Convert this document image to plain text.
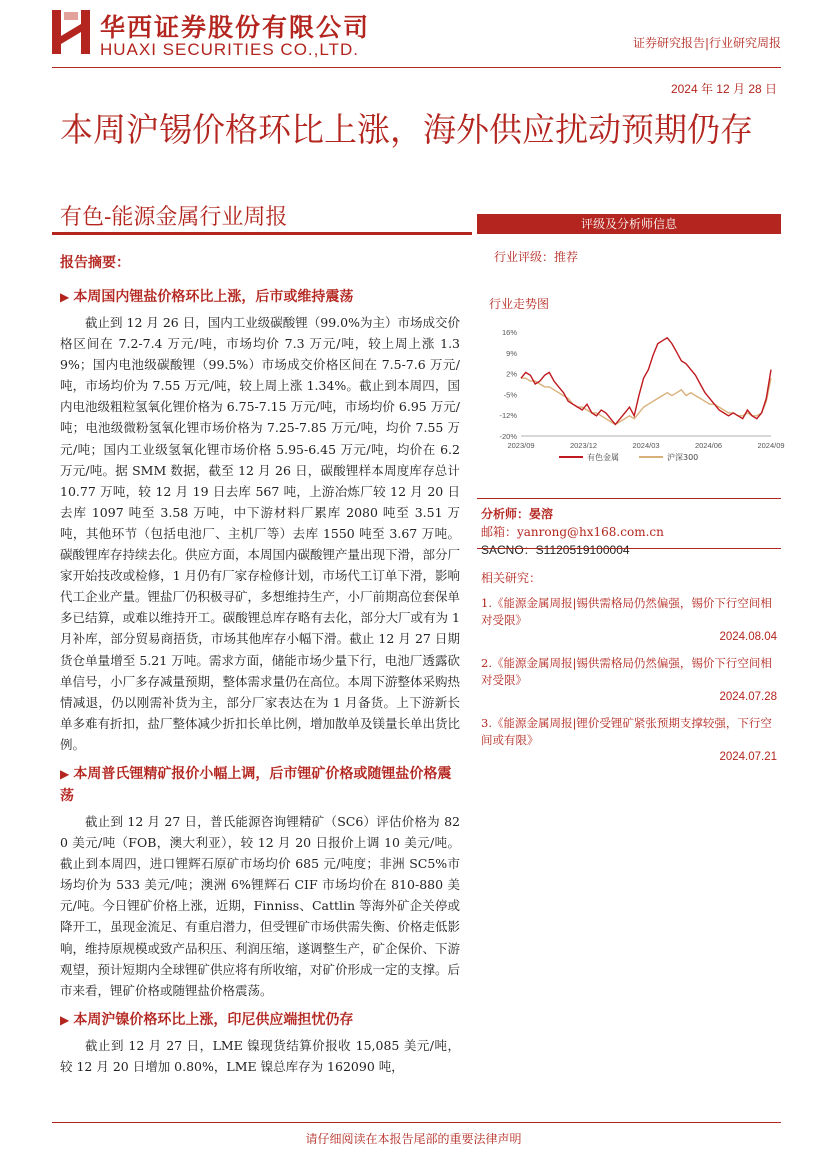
华西证券股份有限公司
HUAXI SECURITIES CO.,LTD.	证券研究报告|行业研究周报
2024 年 12 月 28 日
本周沪锡价格环比上涨，海外供应扰动预期仍存
有色-能源金属行业周报
报告摘要：
▶ 本周国内锂盐价格环比上涨，后市或维持震荡
截止到 12 月 26 日，国内工业级碳酸锂（99.0%为主）市场成交价格区间在 7.2-7.4 万元/吨，市场均价 7.3 万元/吨，较上周上涨 1.39%；国内电池级碳酸锂（99.5%）市场成交价格区间在 7.5-7.6 万元/吨，市场均价为 7.55 万元/吨，较上周上涨 1.34%。截止到本周四，国内电池级粗粒氢氧化锂价格为 6.75-7.15 万元/吨，市场均价 6.95 万元/吨；电池级微粉氢氧化锂市场价格为 7.25-7.85 万元/吨，均价 7.55 万元/吨；国内工业级氢氧化锂市场价格 5.95-6.45 万元/吨，均价在 6.2 万元/吨。据 SMM 数据，截至 12 月 26 日，碳酸锂样本周度库存总计 10.77 万吨，较 12 月 19 日去库 567 吨，上游冶炼厂较 12 月 20 日去库 1097 吨至 3.58 万吨，中下游材料厂累库 2080 吨至 3.51 万吨，其他环节（包括电池厂、主机厂等）去库 1550 吨至 3.67 万吨。碳酸锂库存持续去化。供应方面，本周国内碳酸锂产量出现下滑，部分厂家开始技改或检修，1 月仍有厂家存检修计划，市场代工订单下滑，影响代工企业产量。锂盐厂仍积极寻矿，多想维持生产，小厂前期高位套保单多已结算，或难以维持开工。碳酸锂总库存略有去化，部分大厂或有为 1 月补库，部分贸易商捂货，市场其他库存小幅下滑。截止 12 月 27 日期货仓单量增至 5.21 万吨。需求方面，储能市场少量下行，电池厂透露砍单信号，小厂多存减量预期，整体需求量仍在高位。本周下游整体采购热情减退，仍以刚需补货为主，部分厂家表达在为 1 月备货。上下游新长单多难有折扣，盐厂整体减少折扣长单比例，增加散单及镁量长单出货比例。
▶ 本周普氏锂精矿报价小幅上调，后市锂矿价格或随锂盐价格震荡
截止到 12 月 27 日，普氏能源咨询锂精矿（SC6）评估价格为 820 美元/吨（FOB，澳大利亚），较 12 月 20 日报价上调 10 美元/吨。截止到本周四，进口锂辉石原矿市场均价 685 元/吨度；非洲 SC5%市场均价为 533 美元/吨；澳洲 6%锂辉石 CIF 市场均价在 810-880 美元/吨。今日锂矿价格上涨，近期，Finniss、Cattlin 等海外矿企关停或降开工，虽现金流足、有重启潜力，但受锂矿市场供需失衡、价格走低影响，维持原规模或致产品积压、利润压缩，遂调整生产，矿企保价、下游观望，预计短期内全球锂矿供应将有所收缩，对矿价形成一定的支撑。后市来看，锂矿价格或随锂盐价格震荡。
▶ 本周沪镍价格环比上涨，印尼供应端担忧仍存
截止到 12 月 27 日，LME 镍现货结算价报收 15,085 美元/吨，较 12 月 20 日增加 0.80%，LME 镍总库存为 162090 吨，
评级及分析师信息
行业评级：推荐
行业走势图
16%
9%
2%
-5%
-12%
-20%
2023/09	2023/12	2024/03	2024/06	2024/09
有色金属	沪深300
分析师：晏溶
邮箱：yanrong@hx168.com.cn
SACNO：S1120519100004
相关研究：
1.《能源金属周报|锡供需格局仍然偏强，锡价下行空间相对受限》
2024.08.04
2.《能源金属周报|锡供需格局仍然偏强，锡价下行空间相对受限》
2024.07.28
3.《能源金属周报|锂价受锂矿紧张预期支撑较强，下行空间或有限》
2024.07.21
请仔细阅读在本报告尾部的重要法律声明
